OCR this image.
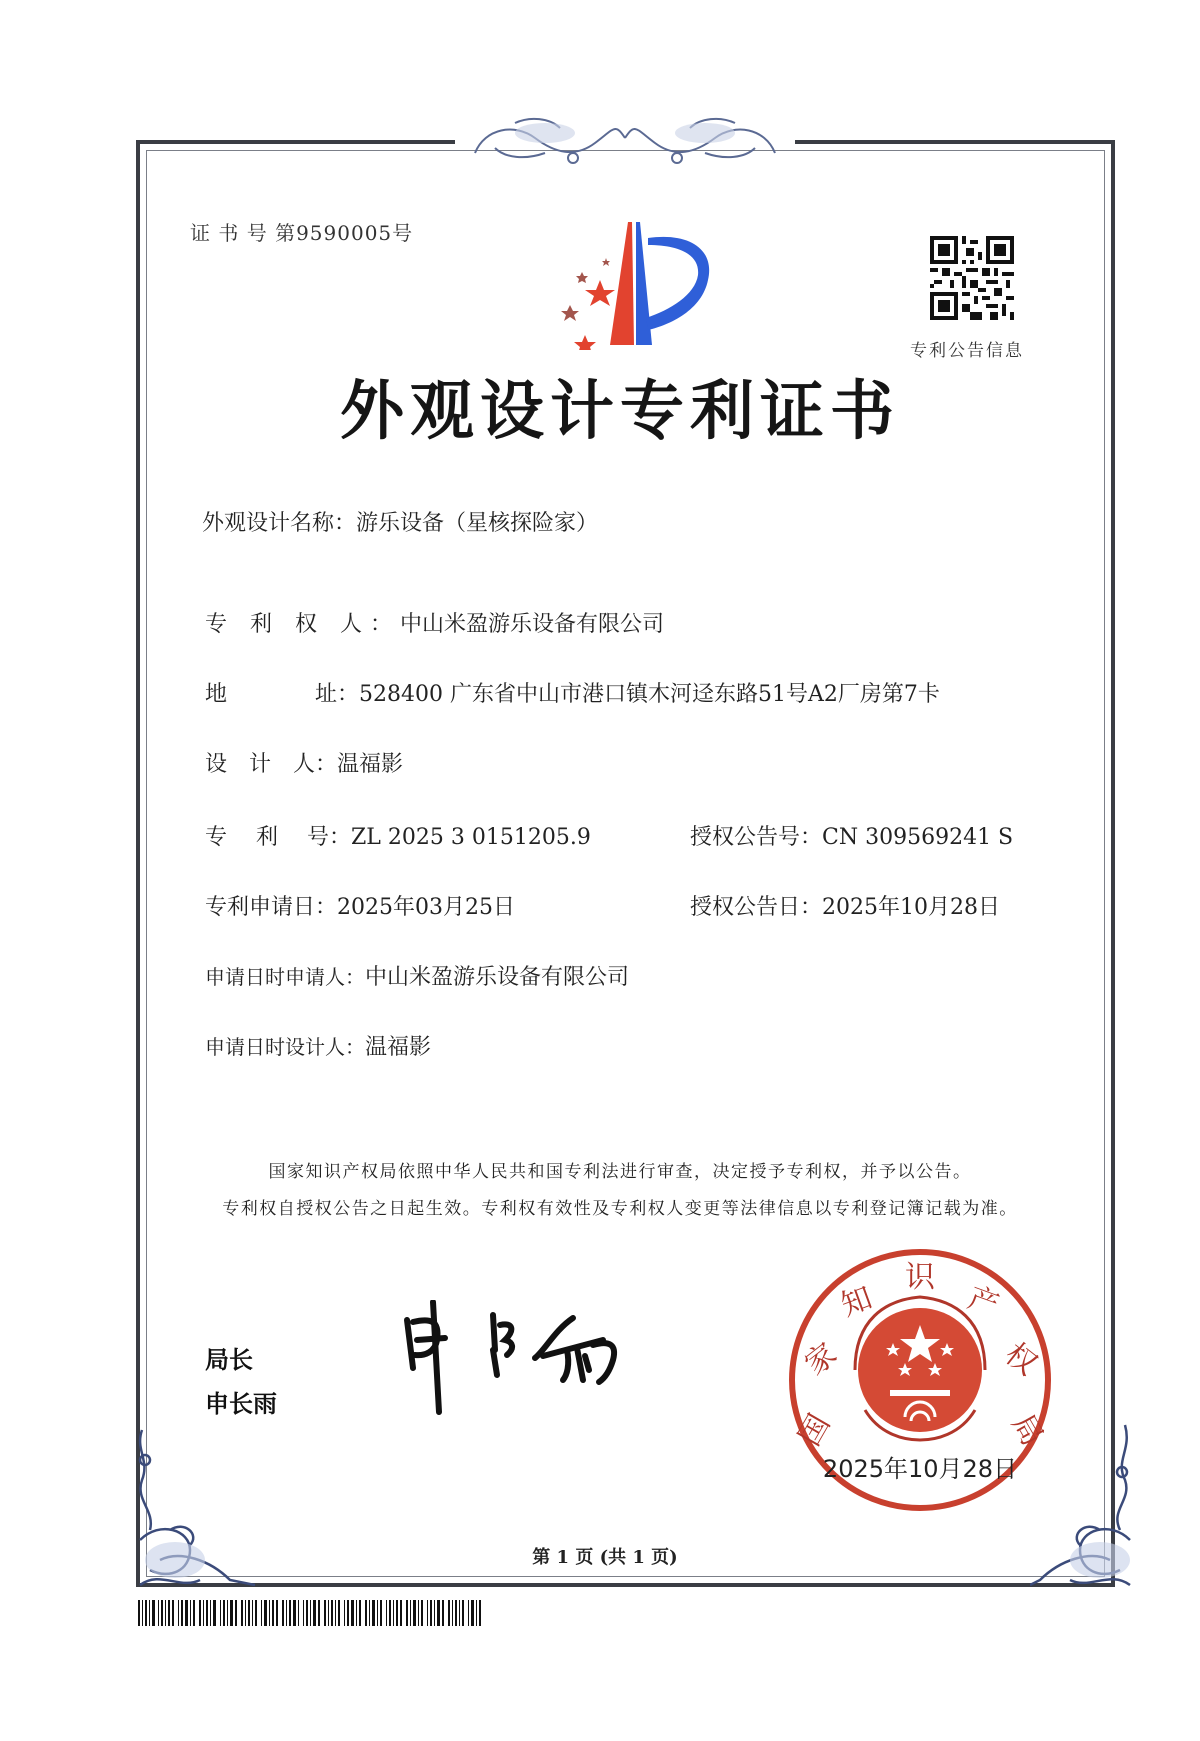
证 书 号 第9590005号
专利公告信息
外观设计专利证书
外观设计名称：游乐设备（星核探险家）
专 利 权 人：中山米盈游乐设备有限公司
地	址：528400 广东省中山市港口镇木河迳东路51号A2厂房第7卡
设　计　人：温福影
专　 利　 号：ZL 2025 3 0151205.9	授权公告号：CN 309569241 S
专利申请日：2025年03月25日	授权公告日：2025年10月28日
申请日时申请人：中山米盈游乐设备有限公司
申请日时设计人：温福影
国家知识产权局依照中华人民共和国专利法进行审查，决定授予专利权，并予以公告。
专利权自授权公告之日起生效。专利权有效性及专利权人变更等法律信息以专利登记簿记载为准。
局长
申长雨
国
家
知
识
产
权
局
2025年10月28日
第 1 页 (共 1 页)
